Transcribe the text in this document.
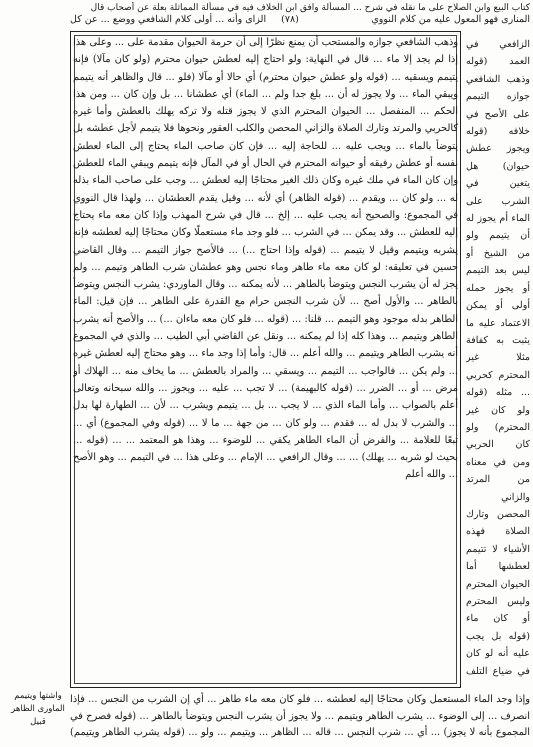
كتاب البيع وابن الصلاح على ما نقله في شرح ... المسألة وافق ابن الخلاف فيه في مسألة المماثلة بعلة عن أصحاب قال
المنارى فهو المعول عليه من كلام النووي
(٧٨)
الزاى وأنه ... أولى كلام الشافعي ووضع ... عن كل

الزافعي في العمد (قوله وذهب الشافعي جوازه التيمم على الأصح في خلافه (قوله ويجوز عطش حيوان) هل يتعين في الشرب على الماء أم يجوز له أن يتيمم ولو من الشيخ أو ليس بعد التيمم أو يجوز حمله أولى أو يمكن الاعتماد عليه ما يثبت به كفافة مثلا غير المحترم كحربي ... مثله (قوله ولو كان غير المحترم) ولو كان الحربي ومن في معناه من المرتد والزاني المحصن وتارك الصلاة فهذه الأشياء لا تتيمم لعطشها أما الحيوان المحترم وليس المحترم أو كان ماء (قوله بل يجب عليه أنه لو كان في ضياع التلف

وذهب الشافعي جوازه والمستحب أن يمنع نظرًا إلى أن حرمة الحيوان مقدمة على ... وعلى هذا إذا لم يجد إلا ماء ... قال في النهاية: ولو احتاج إليه لعطش حيوان محترم (ولو كان مآلا) فإنه يتيمم ويسقيه ... (قوله ولو عطش حيوان محترم) أي حالا أو مآلا (فلو ... قال والظاهر أنه يتيمم ويبقي الماء ... ولا يجوز له أن ... بلغ جدا ولم ... الماء) أي عطشانا ... بل وإن كان ... ومن هذا الحكم ... المنفصل ... الحيوان المحترم الذي لا يجوز قتله ولا تركه يهلك بالعطش وأما غيره كالحربي والمرتد وتارك الصلاة والزاني المحصن والكلب العقور ونحوها فلا يتيمم لأجل عطشه بل يتوضأ بالماء ... ويجب عليه ... للحاجة إليه ... فإن كان صاحب الماء يحتاج إلى الماء لعطش نفسه أو عطش رفيقه أو حيوانه المحترم في الحال أو في المآل فإنه يتيمم ويبقي الماء للعطش وإن كان الماء في ملك غيره وكان ذلك الغير محتاجًا إليه لعطش ... وجب على صاحب الماء بذله له ... ولو كان ... ويقدم ... (قوله الظاهر) أي لأنه ... وقيل يقدم العطشان ... ولهذا قال النووي في المجموع: والصحيح أنه يجب عليه ... إلخ ... قال في شرح المهذب وإذا كان معه ماء يحتاج إليه للعطش ... وقد يمكن ... في الشرب ... فلو وجد ماء مستعملًا وكان محتاجًا إليه لعطشه فإنه يشربه ويتيمم وقيل لا يتيمم ... (قوله وإذا احتاج ...) ... فالأصح جواز التيمم ... وقال القاضي حسين في تعليقه: لو كان معه ماء طاهر وماء نجس وهو عطشان شرب الطاهر وتيمم ... ولم يجز له أن يشرب النجس ويتوضأ بالطاهر ... لأنه يمكنه ... وقال الماوردي: يشرب النجس ويتوضأ بالطاهر ... والأول أصح ... لأن شرب النجس حرام مع القدرة على الطاهر ... فإن قيل: الماء الطاهر بدله موجود وهو التيمم ... قلنا: ... (قوله ... فلو كان معه ماءان ...) ... والأصح أنه يشرب الطاهر ويتيمم ... وهذا كله إذا لم يمكنه ... ونقل عن القاضي أبي الطيب ... والذي في المجموع أنه يشرب الطاهر ويتيمم ... والله أعلم ... قال: وأما إذا وجد ماء ... وهو محتاج إليه لعطش غيره ... ولم يكن ... فالواجب ... التيمم ... ويسقي ... والمراد بالعطش ... ما يخاف منه ... الهلاك أو مرض ... أو ... الضرر ... (قوله كالبهيمة) ... لا تجب ... عليه ... ويجوز ... والله سبحانه وتعالى أعلم بالصواب ... وأما الماء الذي ... لا يجب ... بل ... يتيمم ويشرب ... لأن ... الطهارة لها بدل ... والشرب لا بدل له ... فقدم ... ولو كان ... من جهة ... ما لا ... (قوله وفي المجموع) أي ... تبعًا للعلامة ... والفرض أن الماء الطاهر يكفي ... للوضوء ... وهذا هو المعتمد ... ... (قوله ... بحيث لو شربه ... يهلك) ... ... وقال الرافعي ... الإمام ... وعلى هذا ... في التيمم ... وهو الأصح ... والله أعلم

وإذا وجد الماء المستعمل وكان محتاجًا إليه لعطشه ... فلو كان معه ماء طاهر ... أي إن الشرب من النجس ... فإذا انصرف ... إلى الوضوء ... يشرب الطاهر ويتيمم ... ولا يجوز أن يشرب النجس ويتوضأ بالطاهر ... (قوله فصرح في المجموع بأنه لا يجوز) ... أي ... شرب النجس ... قاله ... الظاهر ... ويتيمم ... ولو ... (قوله يشرب الطاهر ويتيمم)

واشتها ويتيمم الماورى الظاهر قبيل
